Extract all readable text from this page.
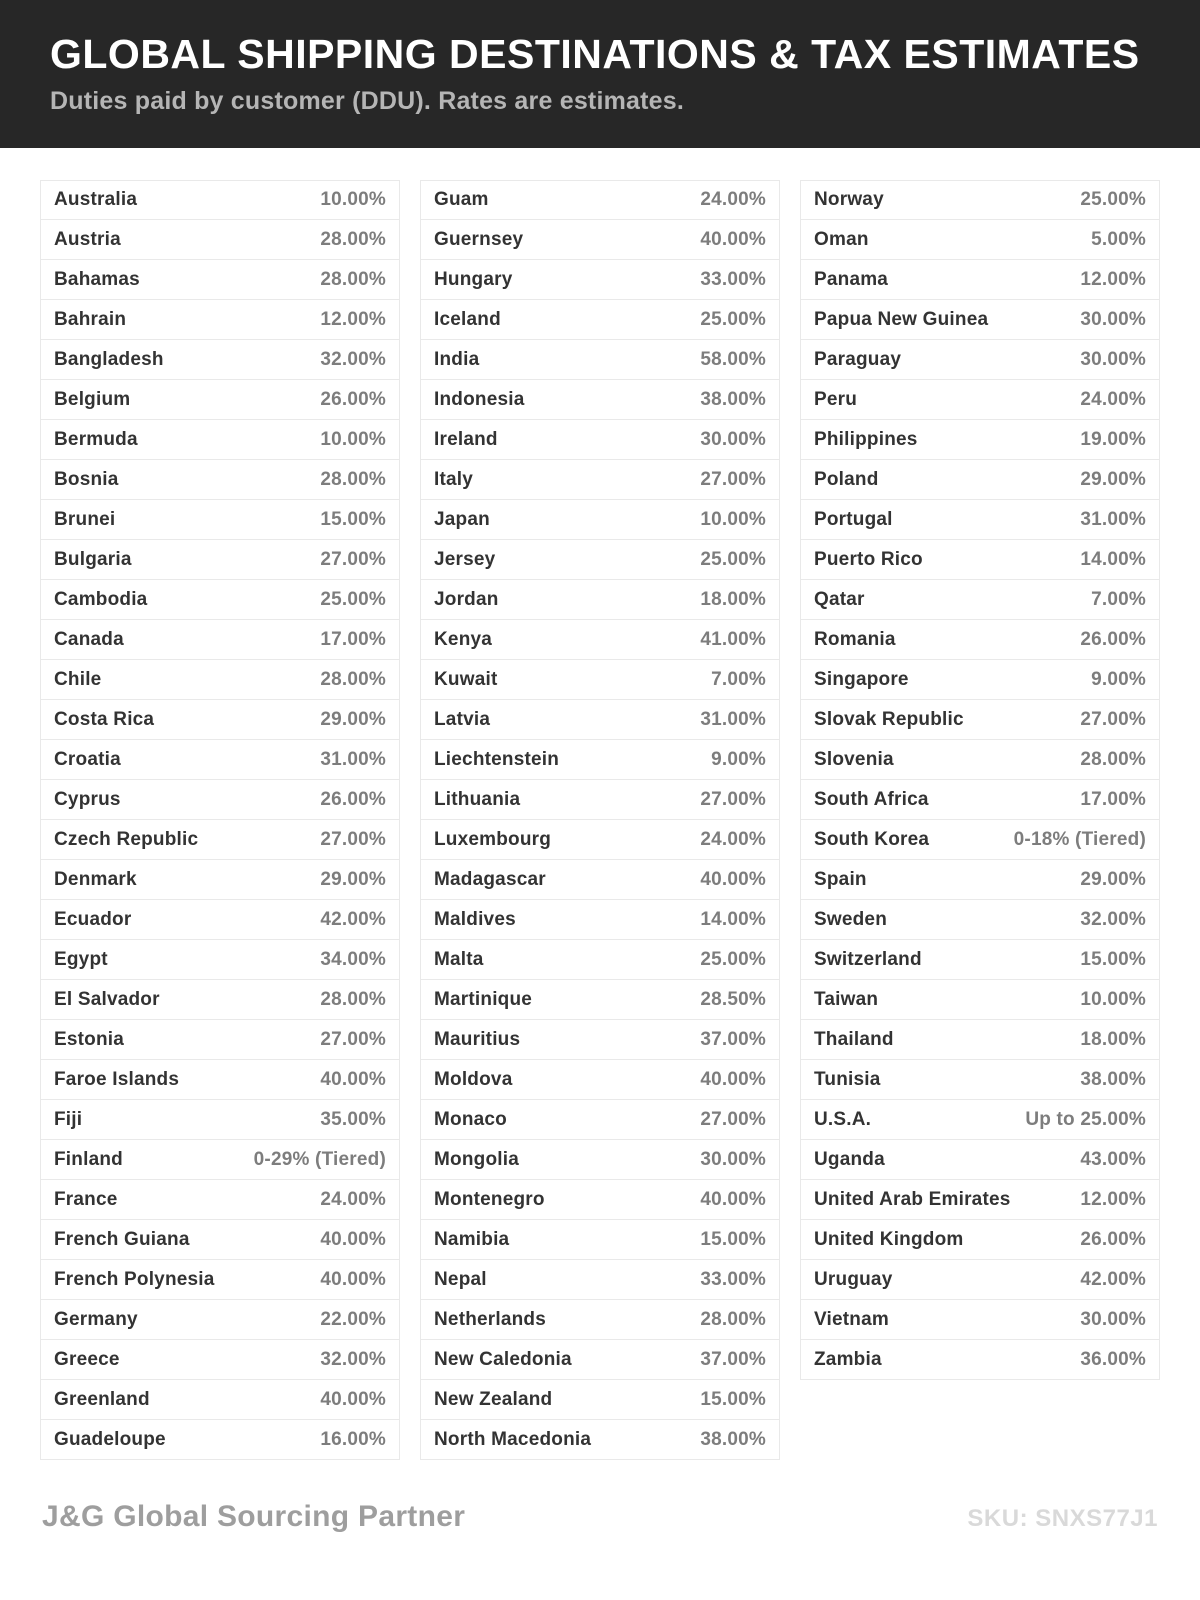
GLOBAL SHIPPING DESTINATIONS & TAX ESTIMATES
Duties paid by customer (DDU). Rates are estimates.
Australia	10.00%
Austria	28.00%
Bahamas	28.00%
Bahrain	12.00%
Bangladesh	32.00%
Belgium	26.00%
Bermuda	10.00%
Bosnia	28.00%
Brunei	15.00%
Bulgaria	27.00%
Cambodia	25.00%
Canada	17.00%
Chile	28.00%
Costa Rica	29.00%
Croatia	31.00%
Cyprus	26.00%
Czech Republic	27.00%
Denmark	29.00%
Ecuador	42.00%
Egypt	34.00%
El Salvador	28.00%
Estonia	27.00%
Faroe Islands	40.00%
Fiji	35.00%
Finland	0-29% (Tiered)
France	24.00%
French Guiana	40.00%
French Polynesia	40.00%
Germany	22.00%
Greece	32.00%
Greenland	40.00%
Guadeloupe	16.00%
Guam	24.00%
Guernsey	40.00%
Hungary	33.00%
Iceland	25.00%
India	58.00%
Indonesia	38.00%
Ireland	30.00%
Italy	27.00%
Japan	10.00%
Jersey	25.00%
Jordan	18.00%
Kenya	41.00%
Kuwait	7.00%
Latvia	31.00%
Liechtenstein	9.00%
Lithuania	27.00%
Luxembourg	24.00%
Madagascar	40.00%
Maldives	14.00%
Malta	25.00%
Martinique	28.50%
Mauritius	37.00%
Moldova	40.00%
Monaco	27.00%
Mongolia	30.00%
Montenegro	40.00%
Namibia	15.00%
Nepal	33.00%
Netherlands	28.00%
New Caledonia	37.00%
New Zealand	15.00%
North Macedonia	38.00%
Norway	25.00%
Oman	5.00%
Panama	12.00%
Papua New Guinea	30.00%
Paraguay	30.00%
Peru	24.00%
Philippines	19.00%
Poland	29.00%
Portugal	31.00%
Puerto Rico	14.00%
Qatar	7.00%
Romania	26.00%
Singapore	9.00%
Slovak Republic	27.00%
Slovenia	28.00%
South Africa	17.00%
South Korea	0-18% (Tiered)
Spain	29.00%
Sweden	32.00%
Switzerland	15.00%
Taiwan	10.00%
Thailand	18.00%
Tunisia	38.00%
U.S.A.	Up to 25.00%
Uganda	43.00%
United Arab Emirates	12.00%
United Kingdom	26.00%
Uruguay	42.00%
Vietnam	30.00%
Zambia	36.00%
J&G Global Sourcing Partner	SKU: SNXS77J1
